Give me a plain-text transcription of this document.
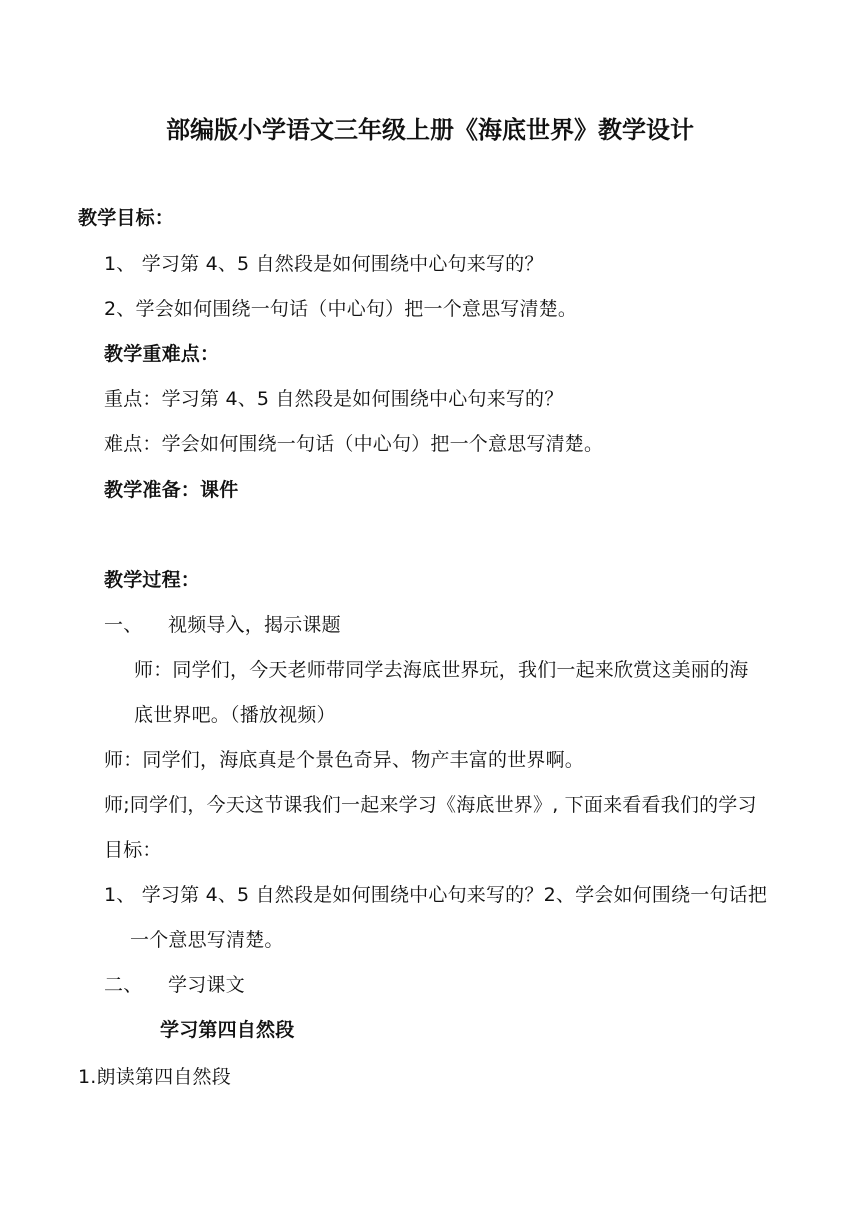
部编版小学语文三年级上册《海底世界》教学设计
教学目标：
1、 学习第 4、5 自然段是如何围绕中心句来写的？
2、学会如何围绕一句话（中心句）把一个意思写清楚。
教学重难点：
重点：学习第 4、5 自然段是如何围绕中心句来写的？
难点：学会如何围绕一句话（中心句）把一个意思写清楚。
教学准备：课件
教学过程：
一、 视频导入，揭示课题
师：同学们，今天老师带同学去海底世界玩，我们一起来欣赏这美丽的海
底世界吧。（播放视频）
师：同学们，海底真是个景色奇异、物产丰富的世界啊。
师;同学们，今天这节课我们一起来学习《海底世界》, 下面来看看我们的学习
目标：
1、 学习第 4、5 自然段是如何围绕中心句来写的？2、学会如何围绕一句话把
一个意思写清楚。
二、 学习课文
学习第四自然段
1.朗读第四自然段
